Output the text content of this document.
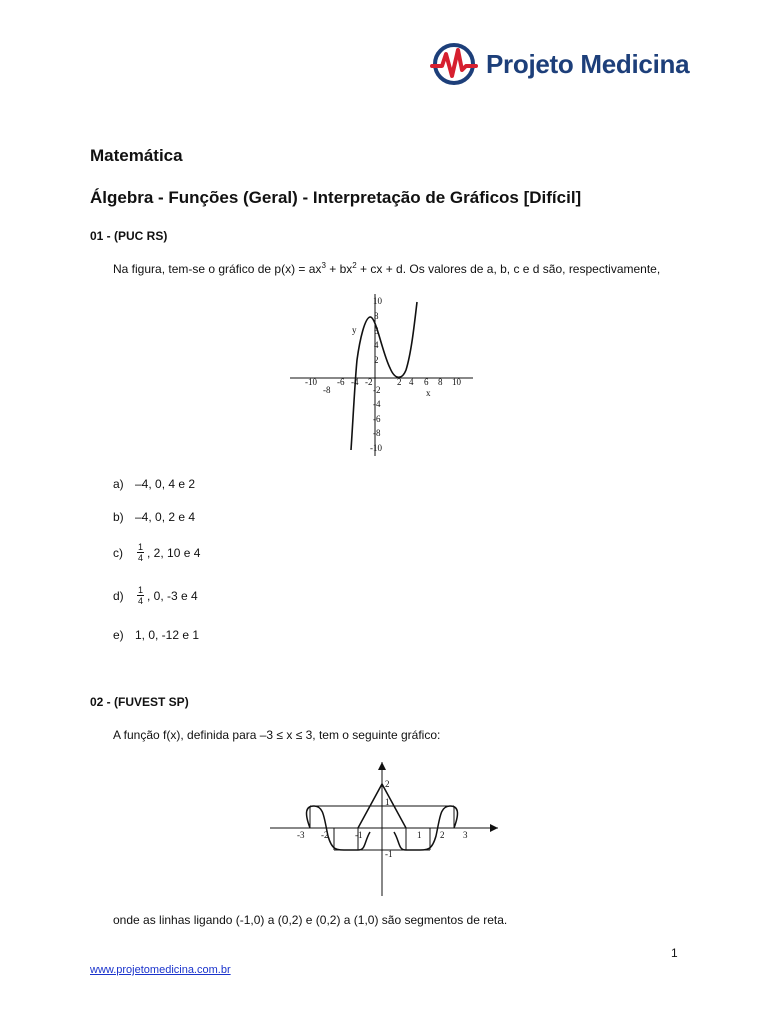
Projeto Medicina
Matemática
Álgebra - Funções (Geral) - Interpretação de Gráficos [Difícil]
01 - (PUC RS)
Na figura, tem-se o gráfico de $p(x) = ax^3 + bx^2$ + cx + d. Os valores de a, b, c e d são, respectivamente,
-10
-8
-6 -4 -2	2 4 6 8 10
x
10
8
6
4
2
y
-2
-4
-6
-8
-10
a) –4, 0, 4 e 2
b) –4, 0, 2 e 4
c)	$\frac{1}{4}$ , 2, 10 e 4
d)	$\frac{1}{4}$ , 0, -3 e 4
e) 1, 0, -12 e 1
02 - (FUVEST SP)
A função f(x), definida para –3 ≤ x ≤ 3, tem o seguinte gráfico:
-3 -2	-1	1 2 3
2
1
-1
onde as linhas ligando (-1,0) a (0,2) e (0,2) a (1,0) são segmentos de reta.
1
www.projetomedicina.com.br
